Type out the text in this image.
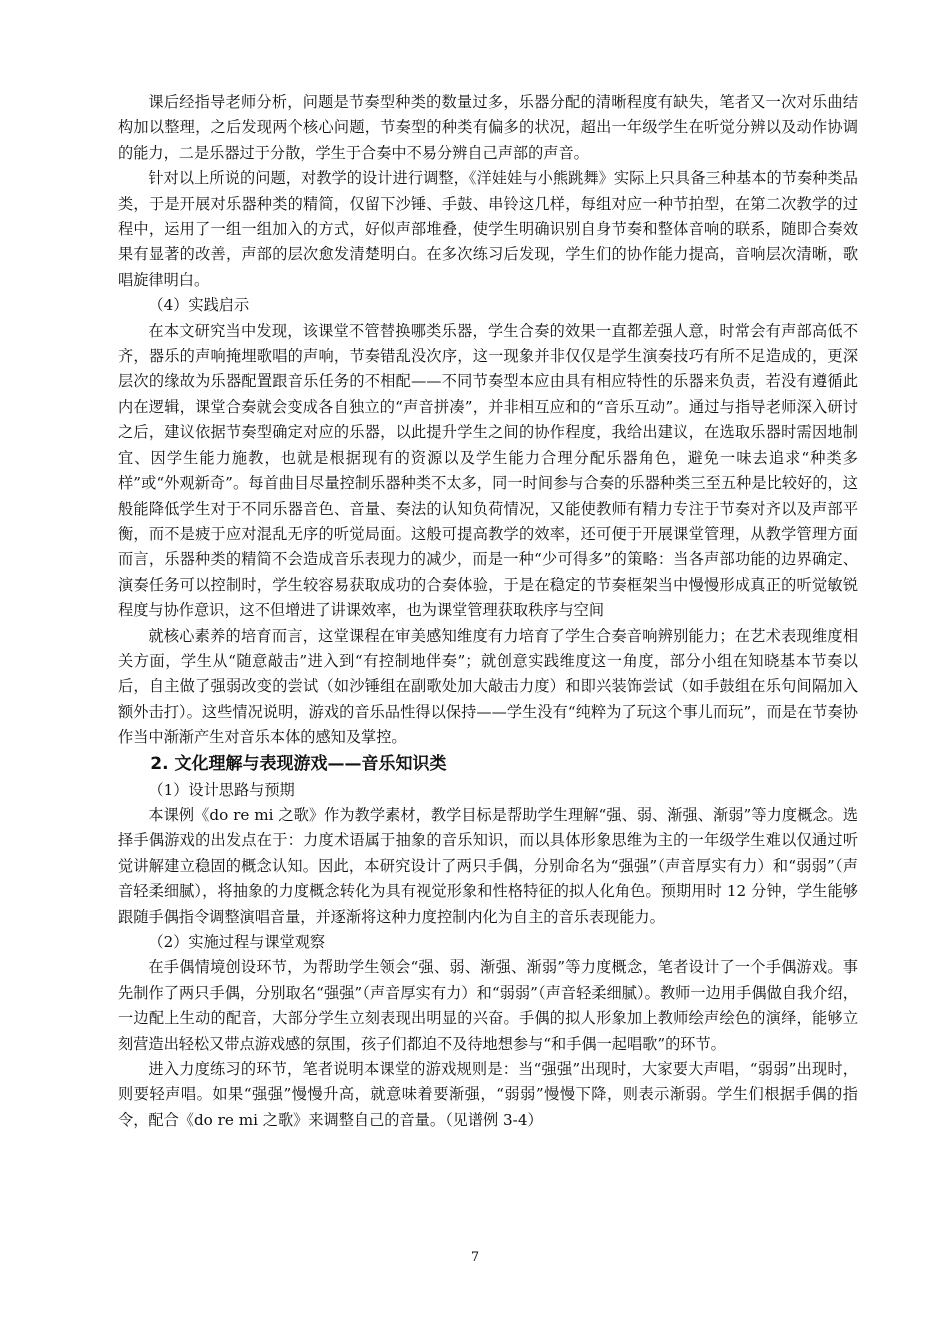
课后经指导老师分析，问题是节奏型种类的数量过多，乐器分配的清晰程度有缺失，笔者又一次对乐曲结构加以整理，之后发现两个核心问题，节奏型的种类有偏多的状况，超出一年级学生在听觉分辨以及动作协调的能力，二是乐器过于分散，学生于合奏中不易分辨自己声部的声音。

针对以上所说的问题，对教学的设计进行调整，《洋娃娃与小熊跳舞》实际上只具备三种基本的节奏种类品类，于是开展对乐器种类的精简，仅留下沙锤、手鼓、串铃这几样，每组对应一种节拍型，在第二次教学的过程中，运用了一组一组加入的方式，好似声部堆叠，使学生明确识别自身节奏和整体音响的联系，随即合奏效果有显著的改善，声部的层次愈发清楚明白。在多次练习后发现，学生们的协作能力提高，音响层次清晰，歌唱旋律明白。

（4）实践启示

在本文研究当中发现，该课堂不管替换哪类乐器，学生合奏的效果一直都差强人意，时常会有声部高低不齐，器乐的声响掩埋歌唱的声响，节奏错乱没次序，这一现象并非仅仅是学生演奏技巧有所不足造成的，更深层次的缘故为乐器配置跟音乐任务的不相配——不同节奏型本应由具有相应特性的乐器来负责，若没有遵循此内在逻辑，课堂合奏就会变成各自独立的“声音拼凑”，并非相互应和的“音乐互动”。通过与指导老师深入研讨之后，建议依据节奏型确定对应的乐器，以此提升学生之间的协作程度，我给出建议，在选取乐器时需因地制宜、因学生能力施教，也就是根据现有的资源以及学生能力合理分配乐器角色，避免一味去追求“种类多样”或“外观新奇”。每首曲目尽量控制乐器种类不太多，同一时间参与合奏的乐器种类三至五种是比较好的，这般能降低学生对于不同乐器音色、音量、奏法的认知负荷情况，又能使教师有精力专注于节奏对齐以及声部平衡，而不是疲于应对混乱无序的听觉局面。这般可提高教学的效率，还可便于开展课堂管理，从教学管理方面而言，乐器种类的精简不会造成音乐表现力的减少，而是一种“少可得多”的策略：当各声部功能的边界确定、演奏任务可以控制时，学生较容易获取成功的合奏体验，于是在稳定的节奏框架当中慢慢形成真正的听觉敏锐程度与协作意识，这不但增进了讲课效率，也为课堂管理获取秩序与空间

就核心素养的培育而言，这堂课程在审美感知维度有力培育了学生合奏音响辨别能力；在艺术表现维度相关方面，学生从“随意敲击”进入到“有控制地伴奏”；就创意实践维度这一角度，部分小组在知晓基本节奏以后，自主做了强弱改变的尝试（如沙锤组在副歌处加大敲击力度）和即兴装饰尝试（如手鼓组在乐句间隔加入额外击打）。这些情况说明，游戏的音乐品性得以保持——学生没有“纯粹为了玩这个事儿而玩”，而是在节奏协作当中渐渐产生对音乐本体的感知及掌控。

2. 文化理解与表现游戏——音乐知识类

（1）设计思路与预期

本课例《do re mi 之歌》作为教学素材，教学目标是帮助学生理解“强、弱、渐强、渐弱”等力度概念。选择手偶游戏的出发点在于：力度术语属于抽象的音乐知识，而以具体形象思维为主的一年级学生难以仅通过听觉讲解建立稳固的概念认知。因此，本研究设计了两只手偶，分别命名为“强强”（声音厚实有力）和“弱弱”（声音轻柔细腻），将抽象的力度概念转化为具有视觉形象和性格特征的拟人化角色。预期用时 12 分钟，学生能够跟随手偶指令调整演唱音量，并逐渐将这种力度控制内化为自主的音乐表现能力。

（2）实施过程与课堂观察

在手偶情境创设环节，为帮助学生领会“强、弱、渐强、渐弱”等力度概念，笔者设计了一个手偶游戏。事先制作了两只手偶，分别取名“强强”（声音厚实有力）和“弱弱”（声音轻柔细腻）。教师一边用手偶做自我介绍，一边配上生动的配音，大部分学生立刻表现出明显的兴奋。手偶的拟人形象加上教师绘声绘色的演绎，能够立刻营造出轻松又带点游戏感的氛围，孩子们都迫不及待地想参与“和手偶一起唱歌”的环节。

进入力度练习的环节，笔者说明本课堂的游戏规则是：当“强强”出现时，大家要大声唱，“弱弱”出现时，则要轻声唱。如果“强强”慢慢升高，就意味着要渐强，“弱弱”慢慢下降，则表示渐弱。学生们根据手偶的指令，配合《do re mi 之歌》来调整自己的音量。（见谱例 3-4）

7
